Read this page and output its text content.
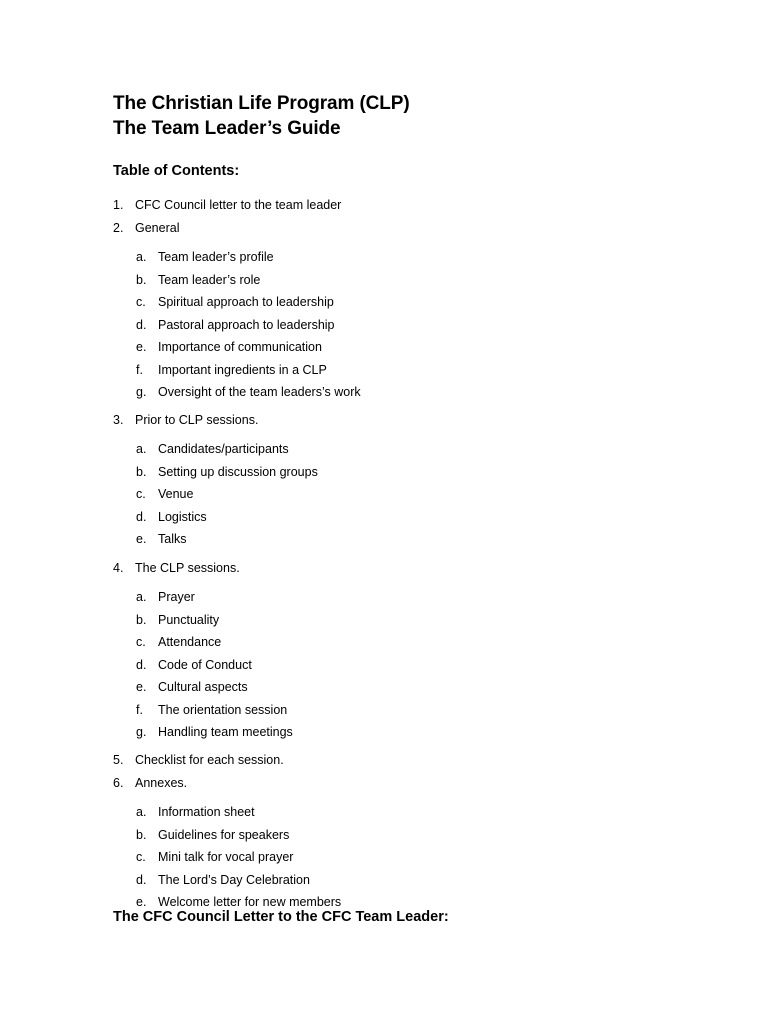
The Christian Life Program (CLP)
The Team Leader’s Guide
Table of Contents:
1. CFC Council letter to the team leader
2. General
a. Team leader’s profile
b. Team leader’s role
c. Spiritual approach to leadership
d. Pastoral approach to leadership
e. Importance of communication
f. Important ingredients in a CLP
g. Oversight of the team leaders’s work
3. Prior to CLP sessions.
a. Candidates/participants
b. Setting up discussion groups
c. Venue
d. Logistics
e. Talks
4. The CLP sessions.
a. Prayer
b. Punctuality
c. Attendance
d. Code of Conduct
e. Cultural aspects
f. The orientation session
g. Handling team meetings
5. Checklist for each session.
6. Annexes.
a. Information sheet
b. Guidelines for speakers
c. Mini talk for vocal prayer
d. The Lord’s Day Celebration
e. Welcome letter for new members
The CFC Council Letter to the CFC Team Leader:
